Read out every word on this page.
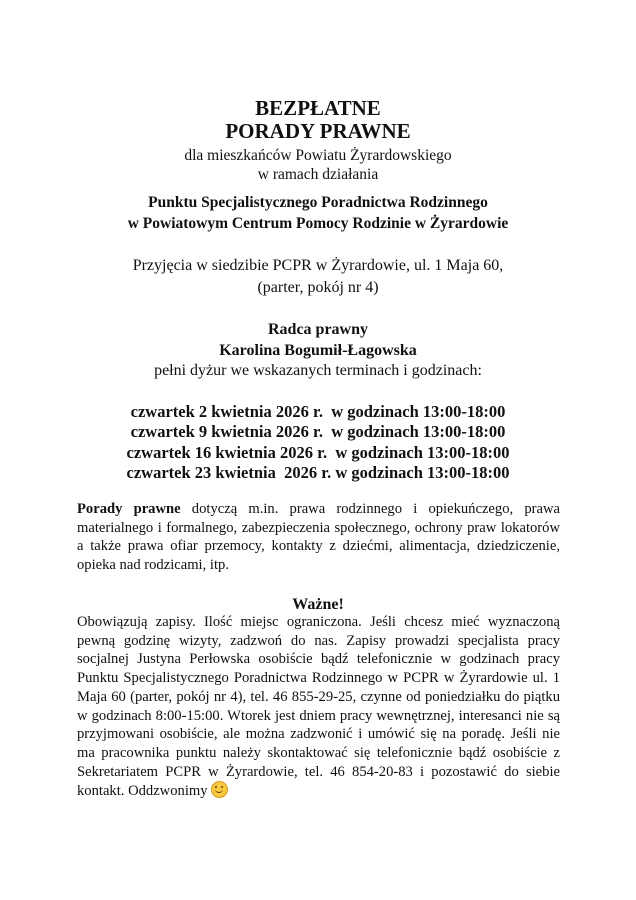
BEZPŁATNE
PORADY PRAWNE
dla mieszkańców Powiatu Żyrardowskiego
w ramach działania
Punktu Specjalistycznego Poradnictwa Rodzinnego
w Powiatowym Centrum Pomocy Rodzinie w Żyrardowie
Przyjęcia w siedzibie PCPR w Żyrardowie, ul. 1 Maja 60,
(parter, pokój nr 4)
Radca prawny
Karolina Bogumił-Łagowska
pełni dyżur we wskazanych terminach i godzinach:
czwartek 2 kwietnia 2026 r.  w godzinach 13:00-18:00
czwartek 9 kwietnia 2026 r.  w godzinach 13:00-18:00
czwartek 16 kwietnia 2026 r.  w godzinach 13:00-18:00
czwartek 23 kwietnia  2026 r. w godzinach 13:00-18:00
Porady prawne dotyczą m.in. prawa rodzinnego i opiekuńczego, prawa materialnego i formalnego, zabezpieczenia społecznego, ochrony praw lokatorów a także prawa ofiar przemocy, kontakty z dziećmi, alimentacja, dziedziczenie, opieka nad rodzicami, itp.
Ważne!
Obowiązują zapisy. Ilość miejsc ograniczona. Jeśli chcesz mieć wyznaczoną pewną godzinę wizyty, zadzwoń do nas. Zapisy prowadzi specjalista pracy socjalnej Justyna Perłowska osobiście bądź telefonicznie w godzinach pracy Punktu Specjalistycznego Poradnictwa Rodzinnego w PCPR w Żyrardowie ul. 1 Maja 60 (parter, pokój nr 4), tel. 46 855-29-25, czynne od poniedziałku do piątku w godzinach 8:00-15:00. Wtorek jest dniem pracy wewnętrznej, interesanci nie są przyjmowani osobiście, ale można zadzwonić i umówić się na poradę. Jeśli nie ma pracownika punktu należy skontaktować się telefonicznie bądź osobiście z Sekretariatem PCPR w Żyrardowie, tel. 46 854-20-83 i pozostawić do siebie kontakt. Oddzwonimy
